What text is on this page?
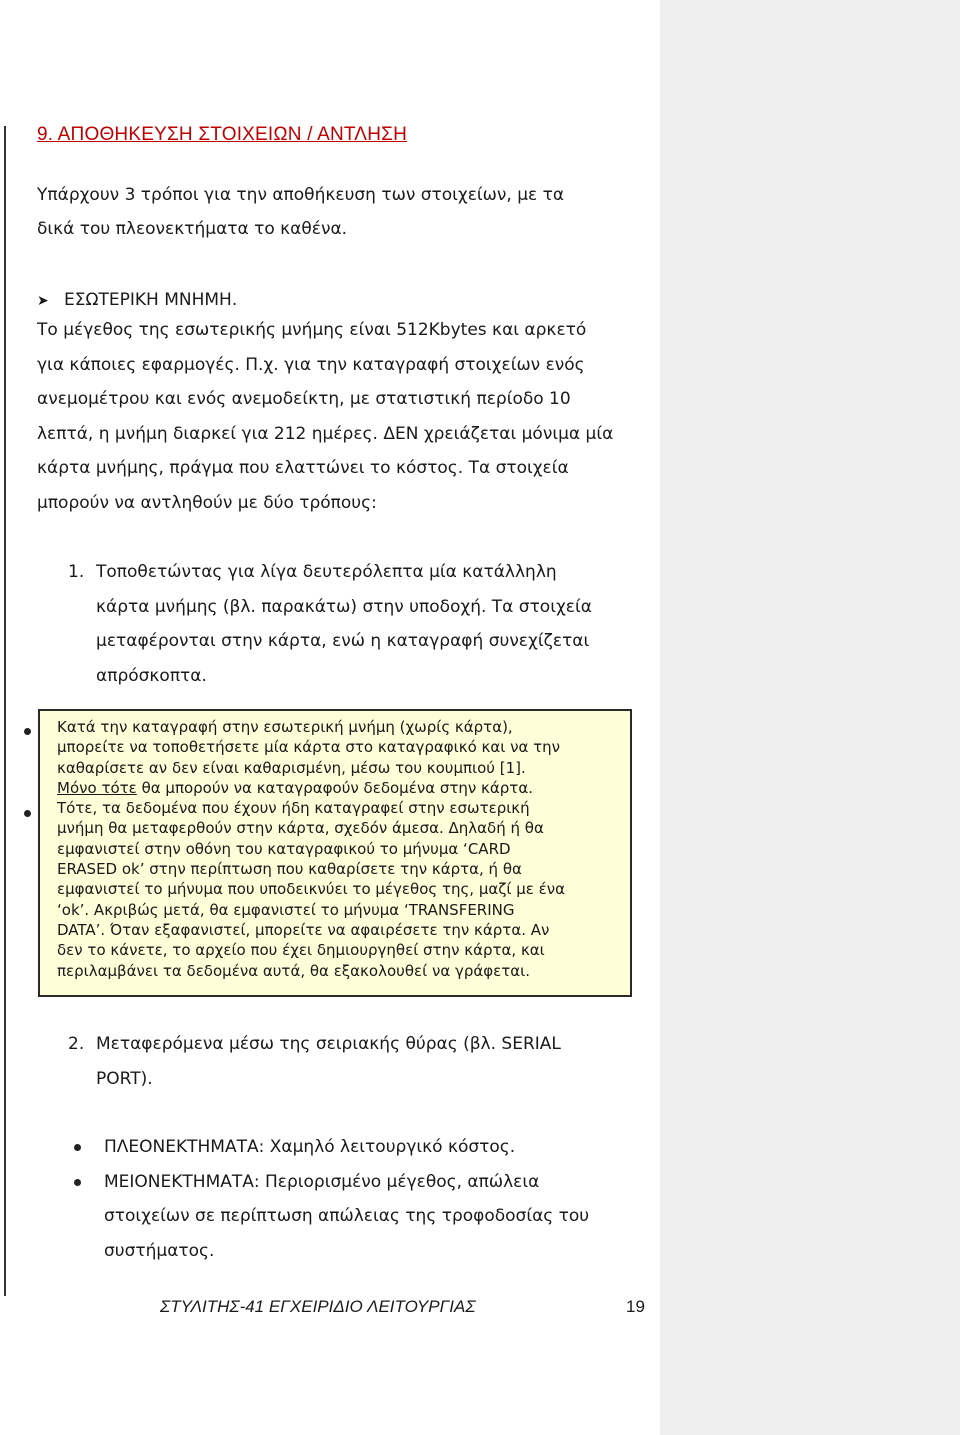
9. ΑΠΟΘΗΚΕΥΣΗ ΣΤΟΙΧΕΙΩΝ / ΑΝΤΛΗΣΗ

Υπάρχουν 3 τρόποι για την αποθήκευση των στοιχείων, με τα
δικά του πλεονεκτήματα το καθένα.

➤ ΕΣΩΤΕΡΙΚΗ ΜΝΗΜΗ.

Το μέγεθος της εσωτερικής μνήμης είναι 512Kbytes και αρκετό
για κάποιες εφαρμογές. Π.χ. για την καταγραφή στοιχείων ενός
ανεμομέτρου και ενός ανεμοδείκτη, με στατιστική περίοδο 10
λεπτά, η μνήμη διαρκεί για 212 ημέρες. ΔΕΝ χρειάζεται μόνιμα μία
κάρτα μνήμης, πράγμα που ελαττώνει το κόστος. Τα στοιχεία
μπορούν να αντληθούν με δύο τρόπους:

1. Τοποθετώντας για λίγα δευτερόλεπτα μία κατάλληλη
κάρτα μνήμης (βλ. παρακάτω) στην υποδοχή. Τα στοιχεία
μεταφέρονται στην κάρτα, ενώ η καταγραφή συνεχίζεται
απρόσκοπτα.

Κατά την καταγραφή στην εσωτερική μνήμη (χωρίς κάρτα),
μπορείτε να τοποθετήσετε μία κάρτα στο καταγραφικό και να την
καθαρίσετε αν δεν είναι καθαρισμένη, μέσω του κουμπιού [1].
Μόνο τότε θα μπορούν να καταγραφούν δεδομένα στην κάρτα.
Τότε, τα δεδομένα που έχουν ήδη καταγραφεί στην εσωτερική
μνήμη θα μεταφερθούν στην κάρτα, σχεδόν άμεσα. Δηλαδή ή θα
εμφανιστεί στην οθόνη του καταγραφικού το μήνυμα ‘CARD
ERASED ok’ στην περίπτωση που καθαρίσετε την κάρτα, ή θα
εμφανιστεί το μήνυμα που υποδεικνύει το μέγεθος της, μαζί με ένα
‘ok’. Ακριβώς μετά, θα εμφανιστεί το μήνυμα ‘TRANSFERING
DATA’. Όταν εξαφανιστεί, μπορείτε να αφαιρέσετε την κάρτα. Αν
δεν το κάνετε, το αρχείο που έχει δημιουργηθεί στην κάρτα, και
περιλαμβάνει τα δεδομένα αυτά, θα εξακολουθεί να γράφεται.

2. Μεταφερόμενα μέσω της σειριακής θύρας (βλ. SERIAL
PORT).
ΠΛΕΟΝΕΚΤΗΜΑΤΑ: Χαμηλό λειτουργικό κόστος.
ΜΕΙΟΝΕΚΤΗΜΑΤΑ: Περιορισμένο μέγεθος, απώλεια
στοιχείων σε περίπτωση απώλειας της τροφοδοσίας του
συστήματος.
ΣΤΥΛΙΤΗΣ-41 ΕΓΧΕΙΡΙΔΙΟ ΛΕΙΤΟΥΡΓΙΑΣ	19
